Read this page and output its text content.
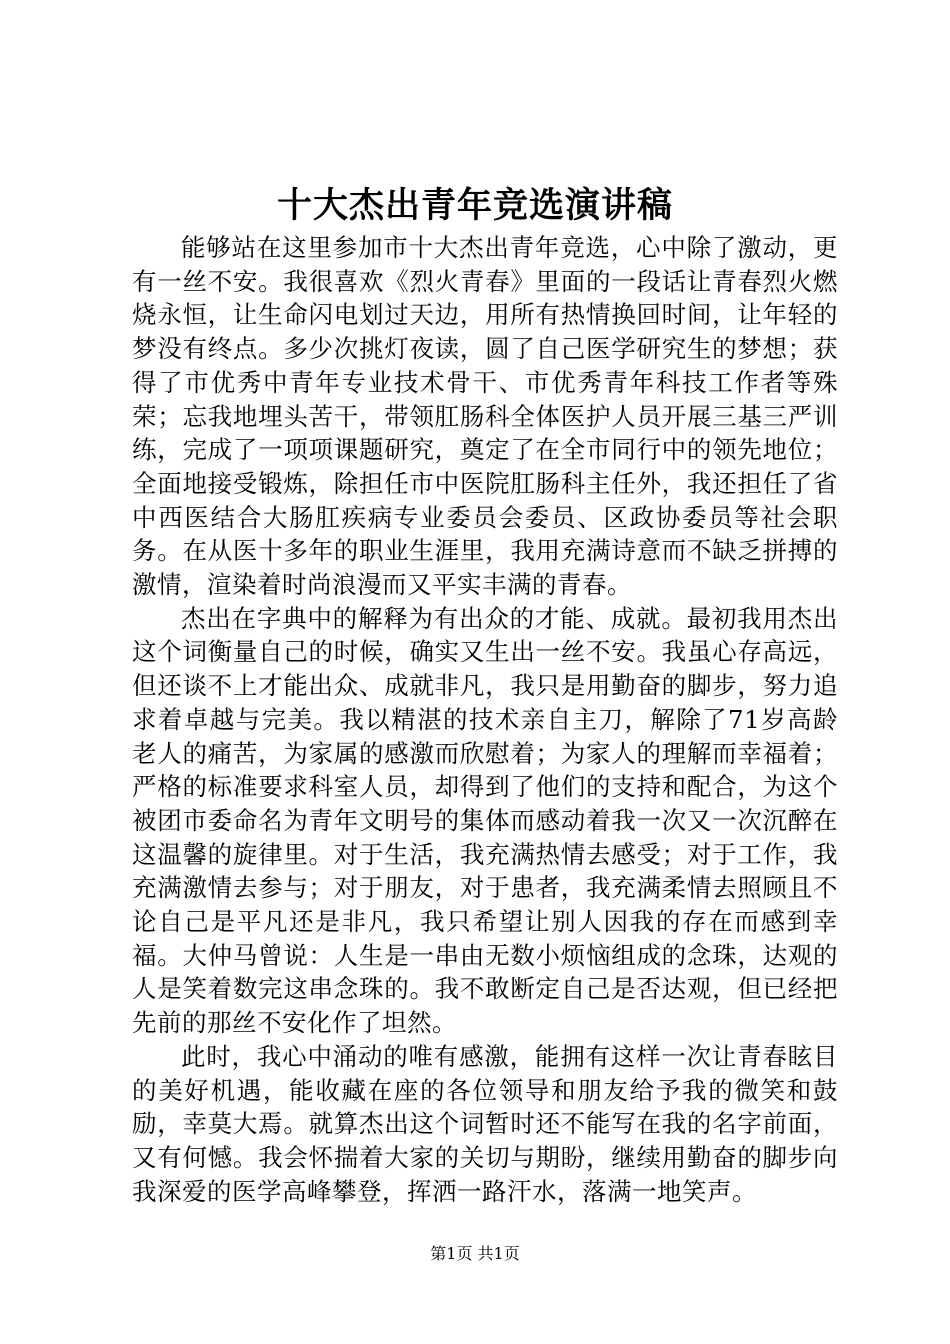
十大杰出青年竞选演讲稿

能够站在这里参加市十大杰出青年竞选，心中除了激动，更有一丝不安。我很喜欢《烈火青春》里面的一段话让青春烈火燃烧永恒，让生命闪电划过天边，用所有热情换回时间，让年轻的梦没有终点。多少次挑灯夜读，圆了自己医学研究生的梦想；获得了市优秀中青年专业技术骨干、市优秀青年科技工作者等殊荣；忘我地埋头苦干，带领肛肠科全体医护人员开展三基三严训练，完成了一项项课题研究，奠定了在全市同行中的领先地位；全面地接受锻炼，除担任市中医院肛肠科主任外，我还担任了省中西医结合大肠肛疾病专业委员会委员、区政协委员等社会职务。在从医十多年的职业生涯里，我用充满诗意而不缺乏拼搏的激情，渲染着时尚浪漫而又平实丰满的青春。

杰出在字典中的解释为有出众的才能、成就。最初我用杰出这个词衡量自己的时候，确实又生出一丝不安。我虽心存高远，但还谈不上才能出众、成就非凡，我只是用勤奋的脚步，努力追求着卓越与完美。我以精湛的技术亲自主刀，解除了71岁高龄老人的痛苦，为家属的感激而欣慰着；为家人的理解而幸福着；严格的标准要求科室人员，却得到了他们的支持和配合，为这个被团市委命名为青年文明号的集体而感动着我一次又一次沉醉在这温馨的旋律里。对于生活，我充满热情去感受；对于工作，我充满激情去参与；对于朋友，对于患者，我充满柔情去照顾且不论自己是平凡还是非凡，我只希望让别人因我的存在而感到幸福。大仲马曾说：人生是一串由无数小烦恼组成的念珠，达观的人是笑着数完这串念珠的。我不敢断定自己是否达观，但已经把先前的那丝不安化作了坦然。

此时，我心中涌动的唯有感激，能拥有这样一次让青春眩目的美好机遇，能收藏在座的各位领导和朋友给予我的微笑和鼓励，幸莫大焉。就算杰出这个词暂时还不能写在我的名字前面，又有何憾。我会怀揣着大家的关切与期盼，继续用勤奋的脚步向我深爱的医学高峰攀登，挥洒一路汗水，落满一地笑声。

第1页 共1页
